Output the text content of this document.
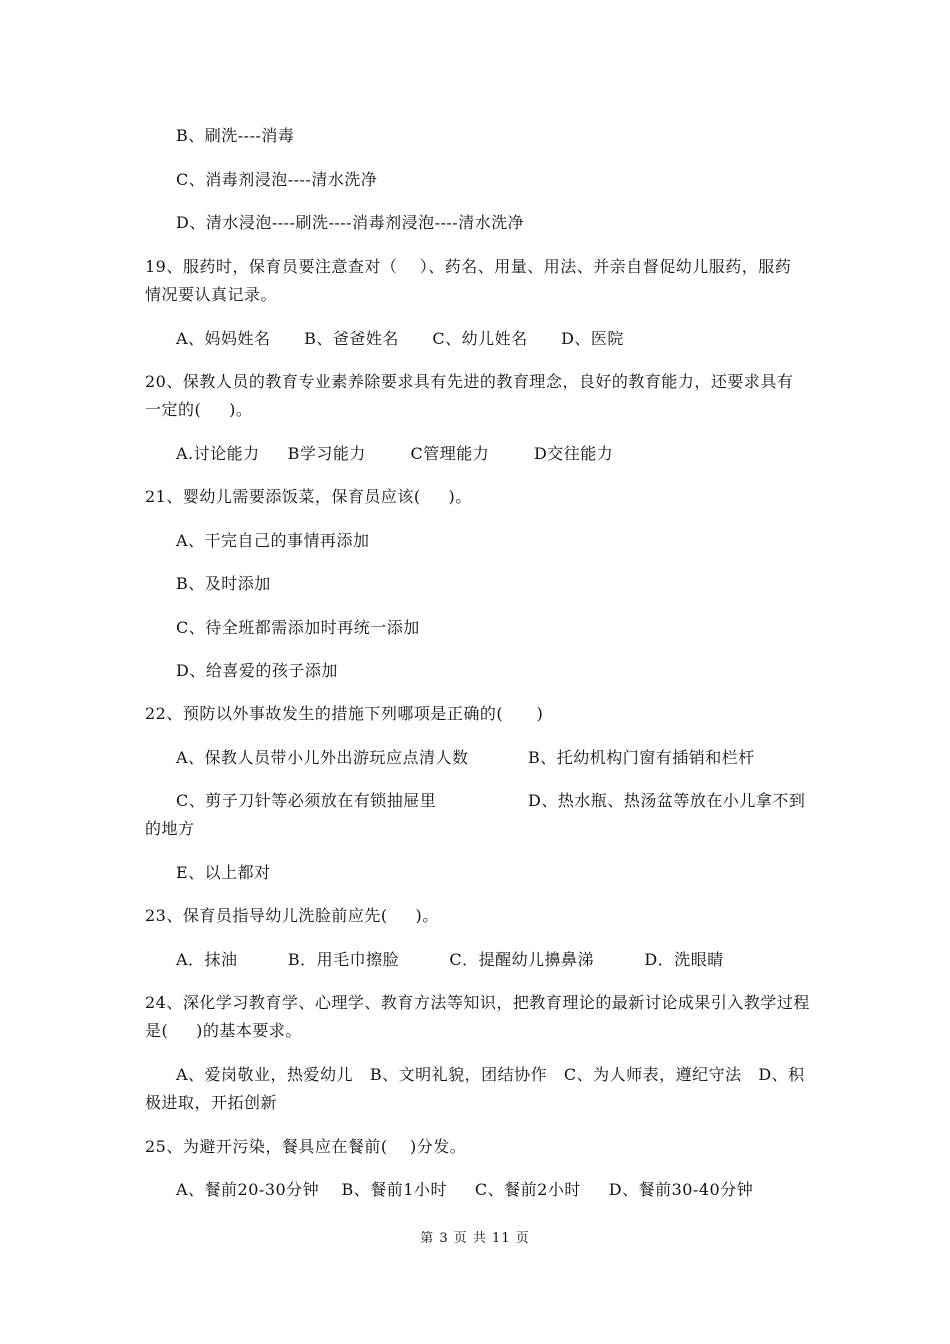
B、刷洗----消毒
C、消毒剂浸泡----清水洗净
D、清水浸泡----刷洗----消毒剂浸泡----清水洗净
19、服药时，保育员要注意查对（    ）、药名、用量、用法、并亲自督促幼儿服药，服药
情况要认真记录。
A、妈妈姓名      B、爸爸姓名      C、幼儿姓名      D、医院
20、保教人员的教育专业素养除要求具有先进的教育理念，良好的教育能力，还要求具有
一定的(     )。
A.讨论能力     B学习能力        C管理能力        D交往能力
21、婴幼儿需要添饭菜，保育员应该(     )。
A、干完自己的事情再添加
B、及时添加
C、待全班都需添加时再统一添加
D、给喜爱的孩子添加
22、预防以外事故发生的措施下列哪项是正确的(      )
A、保教人员带小儿外出游玩应点清人数	B、托幼机构门窗有插销和栏杆
C、剪子刀针等必须放在有锁抽屉里	D、热水瓶、热汤盆等放在小儿拿不到
的地方
E、以上都对
23、保育员指导幼儿洗脸前应先(     )。
A．抹油         B．用毛巾擦脸         C．提醒幼儿擤鼻涕         D．洗眼睛
24、深化学习教育学、心理学、教育方法等知识，把教育理论的最新讨论成果引入教学过程
是(     )的基本要求。
A、爱岗敬业，热爱幼儿   B、文明礼貌，团结协作   C、为人师表，遵纪守法   D、积
极进取，开拓创新
25、为避开污染，餐具应在餐前(    )分发。
A、餐前20-30分钟    B、餐前1小时     C、餐前2小时     D、餐前30-40分钟
第 3 页 共 11 页
